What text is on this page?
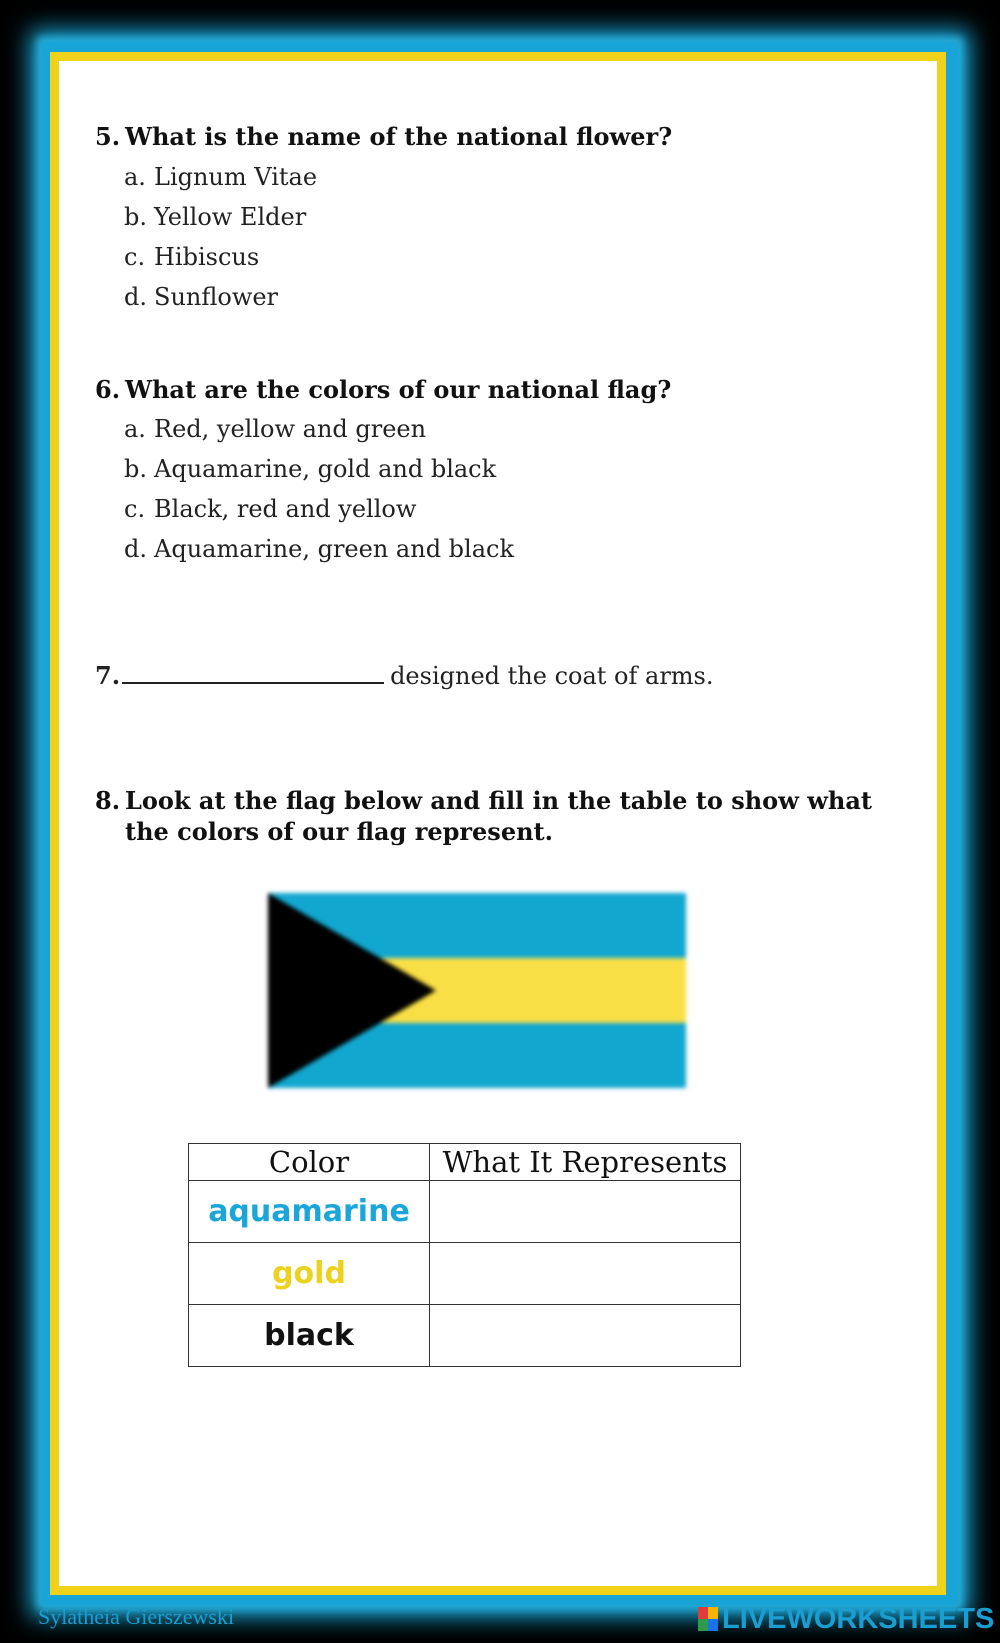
5. What is the name of the national flower?
a. Lignum Vitae
b. Yellow Elder
c. Hibiscus
d. Sunflower
6. What are the colors of our national flag?
a. Red, yellow and green
b. Aquamarine, gold and black
c. Black, red and yellow
d. Aquamarine, green and black
7.	designed the coat of arms.
8. Look at the flag below and fill in the table to show what
the colors of our flag represent.
Color	What It Represents
aquamarine	
gold	
black	
Sylatheia Gierszewski	LIVEWORKSHEETS
